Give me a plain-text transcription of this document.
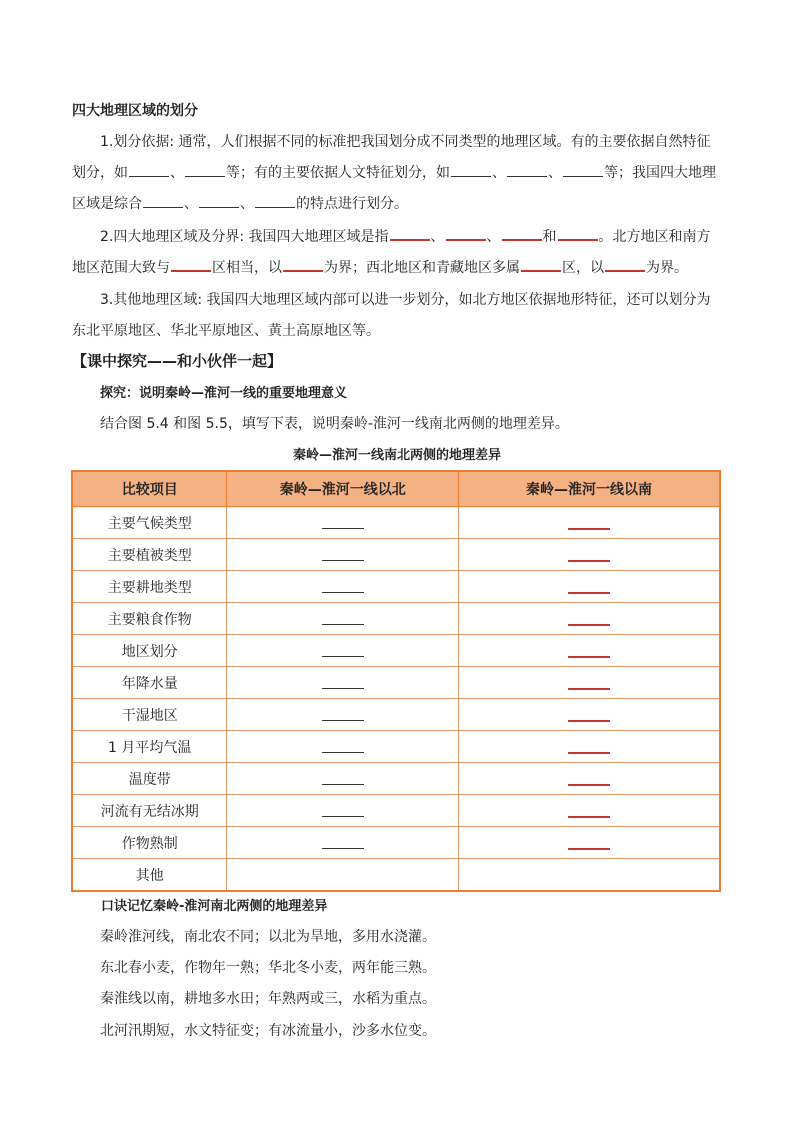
四大地理区域的划分

1.划分依据: 通常，人们根据不同的标准把我国划分成不同类型的地理区域。有的主要依据自然特征划分，如	、	等；有的主要依据人文特征划分，如	、	、	等；我国四大地理区域是综合	、	、	的特点进行划分。

2.四大地理区域及分界: 我国四大地理区域是指	、	、	和	。北方地区和南方地区范围大致与	区相当，以	为界；西北地区和青藏地区多属	区，以	为界。

3.其他地理区域: 我国四大地理区域内部可以进一步划分，如北方地区依据地形特征，还可以划分为东北平原地区、华北平原地区、黄土高原地区等。

【课中探究——和小伙伴一起】

探究：说明秦岭—淮河一线的重要地理意义

结合图 5.4 和图 5.5，填写下表，说明秦岭-淮河一线南北两侧的地理差异。

秦岭—淮河一线南北两侧的地理差异
比较项目	秦岭—淮河一线以北	秦岭—淮河一线以南
主要气候类型		
主要植被类型		
主要耕地类型		
主要粮食作物		
地区划分		
年降水量		
干湿地区		
1 月平均气温		
温度带		
河流有无结冰期		
作物熟制		
其他		

口诀记忆秦岭-淮河南北两侧的地理差异

秦岭淮河线，南北农不同；以北为旱地，多用水浇灌。

东北春小麦，作物年一熟；华北冬小麦，两年能三熟。

秦淮线以南，耕地多水田；年熟两或三，水稻为重点。

北河汛期短，水文特征变；有冰流量小，沙多水位变。
